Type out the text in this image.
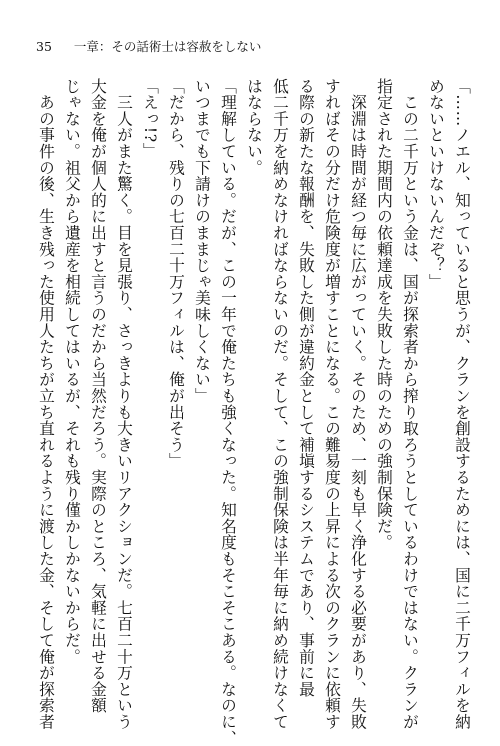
35 一章：その話術士は容赦をしない
「……ノエル、知っていると思うが、クランを創設するためには、国に二千万フィルを納
めないといけないんだぞ？」
　この二千万という金は、国が探索者から搾り取ろうとしているわけではない。クランが
指定された期間内の依頼達成を失敗した時のための強制保険だ。
　深淵は時間が経つ毎に広がっていく。そのため、一刻も早く浄化する必要があり、失敗
すればその分だけ危険度が増すことになる。この難易度の上昇による次のクランに依頼す
る際の新たな報酬を、失敗した側が違約金として補塡するシステムであり、事前に最
低二千万を納めなければならないのだ。そして、この強制保険は半年毎に納め続けなくて
はならない。
「理解している。だが、この一年で俺たちも強くなった。知名度もそこそこある。なのに、
いつまでも下請けのままじゃ美味しくない」
「だから、残りの七百二十万フィルは、俺が出そう」
「えっ!?」
　三人がまた驚く。目を見張り、さっきよりも大きいリアクションだ。七百二十万という
大金を俺が個人的に出すと言うのだから当然だろう。実際のところ、気軽に出せる金額
じゃない。祖父から遺産を相続してはいるが、それも残り僅かしかないからだ。
　あの事件の後、生き残った使用人たちが立ち直れるように渡した金、そして俺が探索者
